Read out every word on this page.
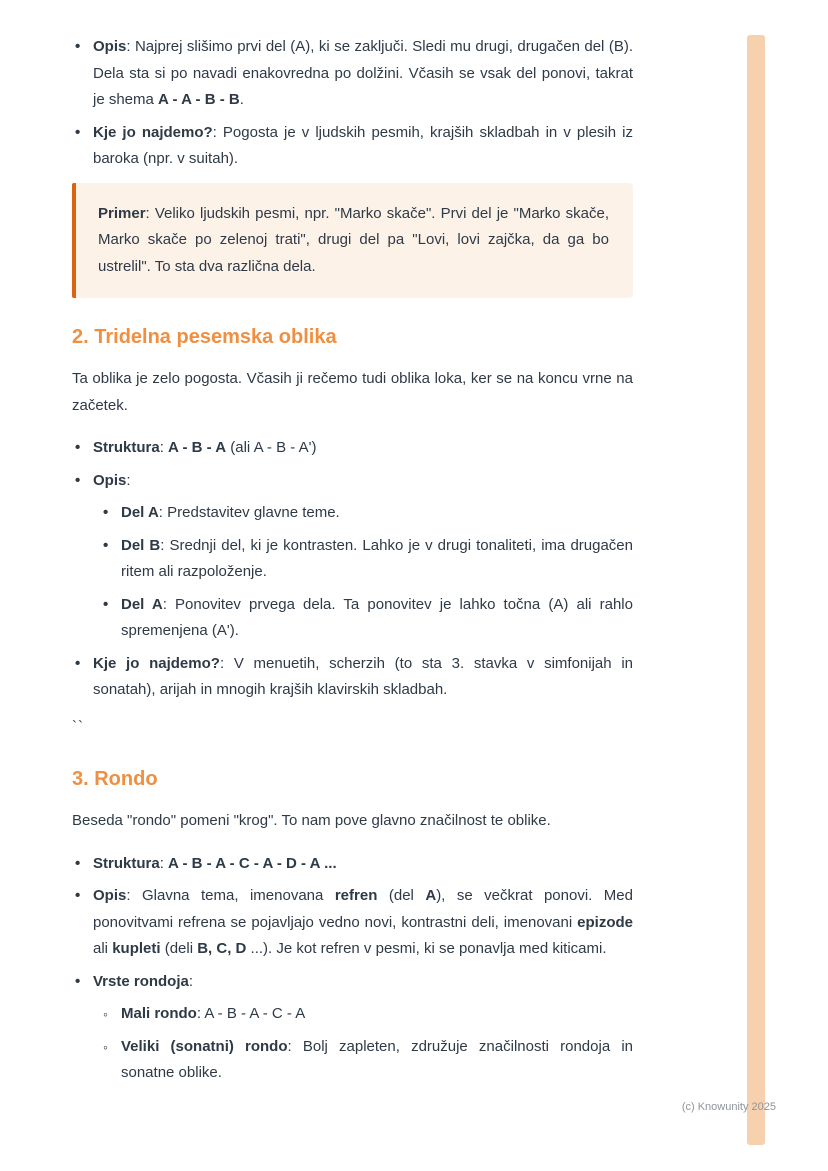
• Opis: Najprej slišimo prvi del (A), ki se zaključi. Sledi mu drugi, drugačen del (B). Dela sta si po navadi enakovredna po dolžini. Včasih se vsak del ponovi, takrat je shema A - A - B - B.
• Kje jo najdemo?: Pogosta je v ljudskih pesmih, krajših skladbah in v plesih iz baroka (npr. v suitah).

Primer: Veliko ljudskih pesmi, npr. "Marko skače". Prvi del je "Marko skače, Marko skače po zelenoj trati", drugi del pa "Lovi, lovi zajčka, da ga bo ustrelil". To sta dva različna dela.

2. Tridelna pesemska oblika

Ta oblika je zelo pogosta. Včasih ji rečemo tudi oblika loka, ker se na koncu vrne na začetek.

• Struktura: A - B - A (ali A - B - A')
• Opis:
• Del A: Predstavitev glavne teme.
• Del B: Srednji del, ki je kontrasten. Lahko je v drugi tonaliteti, ima drugačen ritem ali razpoloženje.
• Del A: Ponovitev prvega dela. Ta ponovitev je lahko točna (A) ali rahlo spremenjena (A').
• Kje jo najdemo?: V menuetih, scherzih (to sta 3. stavka v simfonijah in sonatah), arijah in mnogih krajših klavirskih skladbah.

``

3. Rondo

Beseda "rondo" pomeni "krog". To nam pove glavno značilnost te oblike.

• Struktura: A - B - A - C - A - D - A ...
• Opis: Glavna tema, imenovana refren (del A), se večkrat ponovi. Med ponovitvami refrena se pojavljajo vedno novi, kontrastni deli, imenovani epizode ali kupleti (deli B, C, D ...). Je kot refren v pesmi, ki se ponavlja med kiticami.
• Vrste rondoja:
◦ Mali rondo: A - B - A - C - A
◦ Veliki (sonatni) rondo: Bolj zapleten, združuje značilnosti rondoja in sonatne oblike.
(c) Knowunity 2025
